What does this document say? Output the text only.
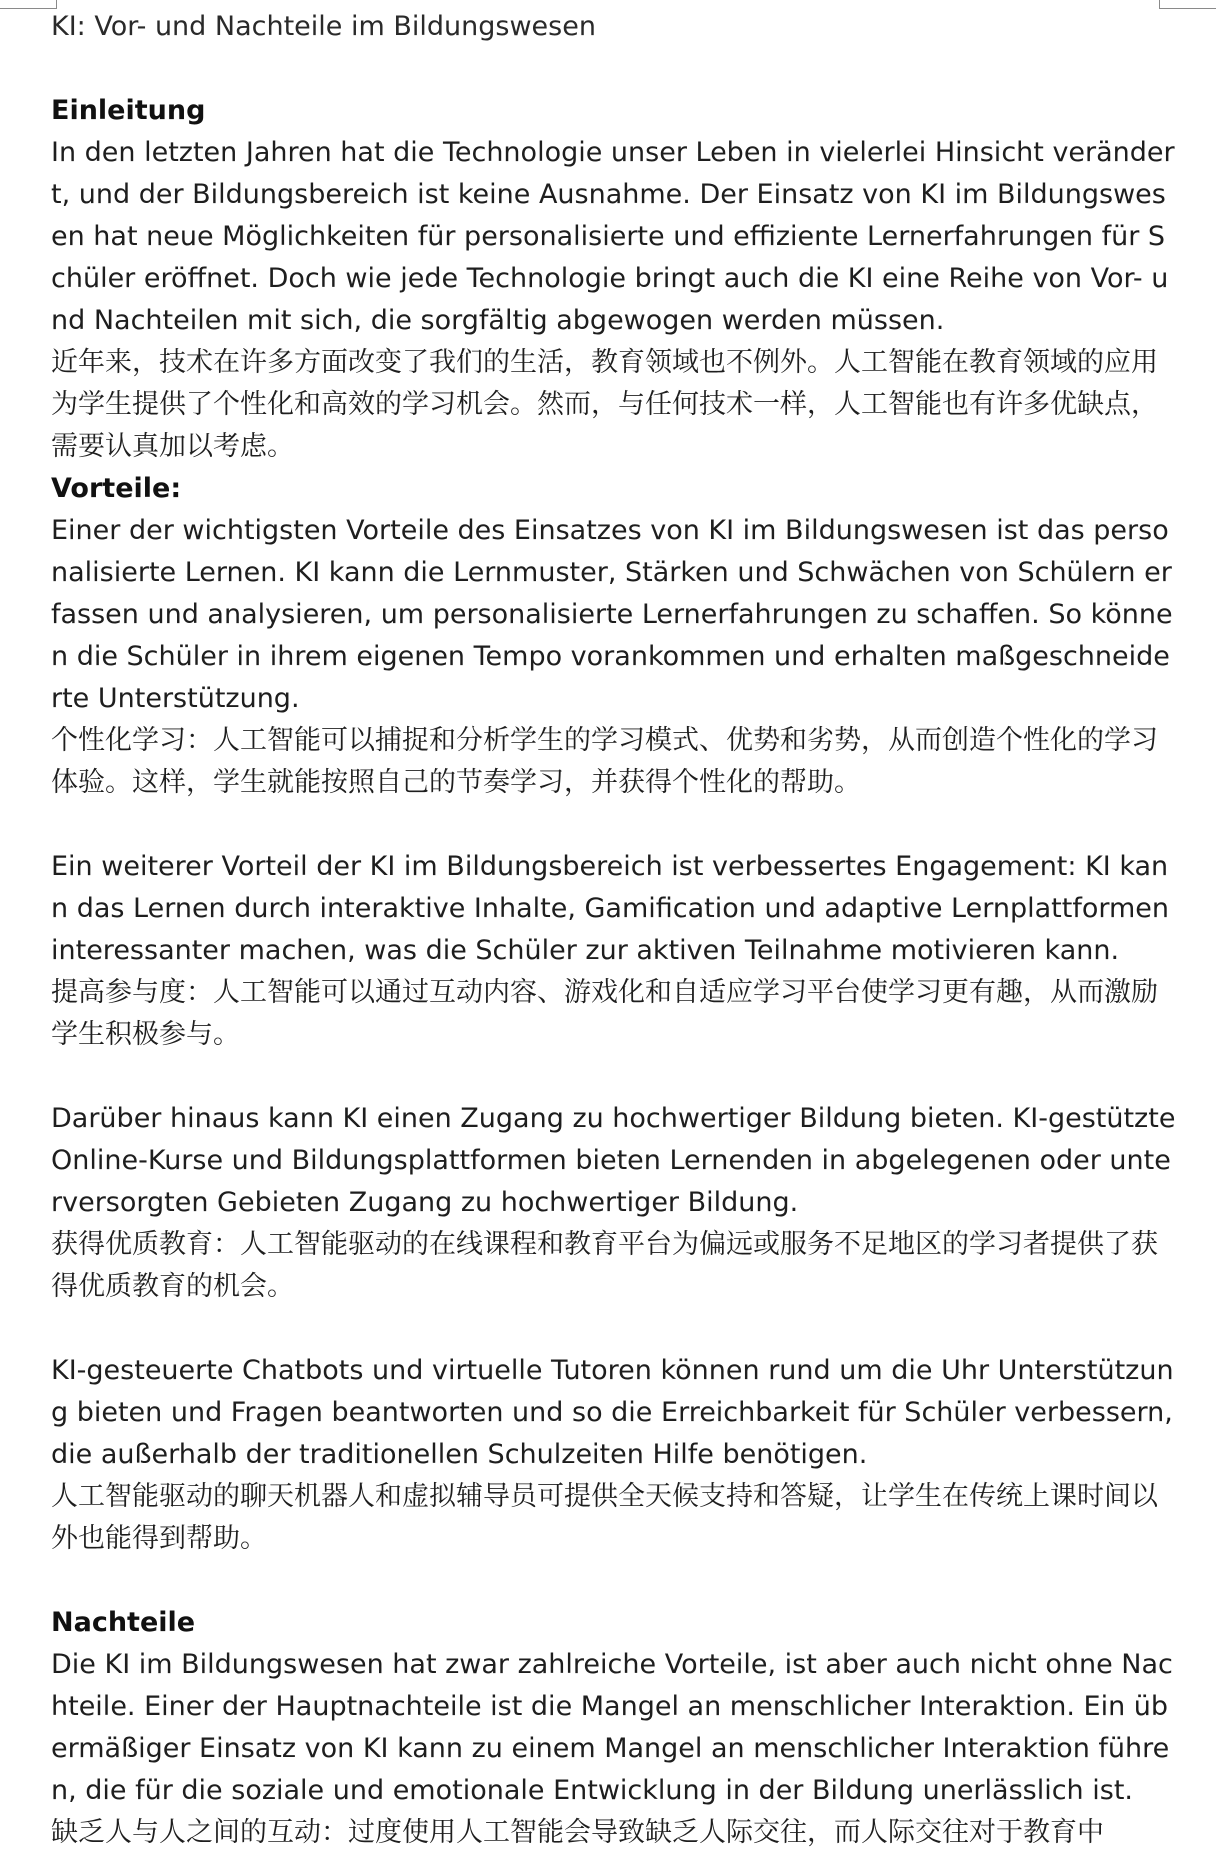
KI: Vor- und Nachteile im Bildungswesen

Einleitung

In den letzten Jahren hat die Technologie unser Leben in vielerlei Hinsicht verändert, und der Bildungsbereich ist keine Ausnahme. Der Einsatz von KI im Bildungswesen hat neue Möglichkeiten für personalisierte und effiziente Lernerfahrungen für Schüler eröffnet. Doch wie jede Technologie bringt auch die KI eine Reihe von Vor- und Nachteilen mit sich, die sorgfältig abgewogen werden müssen.

近年来，技术在许多方面改变了我们的生活，教育领域也不例外。人工智能在教育领域的应用为学生提供了个性化和高效的学习机会。然而，与任何技术一样，人工智能也有许多优缺点，需要认真加以考虑。

Vorteile:

Einer der wichtigsten Vorteile des Einsatzes von KI im Bildungswesen ist das personalisierte Lernen. KI kann die Lernmuster, Stärken und Schwächen von Schülern erfassen und analysieren, um personalisierte Lernerfahrungen zu schaffen. So können die Schüler in ihrem eigenen Tempo vorankommen und erhalten maßgeschneiderte Unterstützung.

个性化学习：人工智能可以捕捉和分析学生的学习模式、优势和劣势，从而创造个性化的学习体验。这样，学生就能按照自己的节奏学习，并获得个性化的帮助。

Ein weiterer Vorteil der KI im Bildungsbereich ist verbessertes Engagement: KI kann das Lernen durch interaktive Inhalte, Gamification und adaptive Lernplattformen interessanter machen, was die Schüler zur aktiven Teilnahme motivieren kann.

提高参与度：人工智能可以通过互动内容、游戏化和自适应学习平台使学习更有趣，从而激励学生积极参与。

Darüber hinaus kann KI einen Zugang zu hochwertiger Bildung bieten. KI-gestützte Online-Kurse und Bildungsplattformen bieten Lernenden in abgelegenen oder unterversorgten Gebieten Zugang zu hochwertiger Bildung.

获得优质教育：人工智能驱动的在线课程和教育平台为偏远或服务不足地区的学习者提供了获得优质教育的机会。

KI-gesteuerte Chatbots und virtuelle Tutoren können rund um die Uhr Unterstützung bieten und Fragen beantworten und so die Erreichbarkeit für Schüler verbessern, die außerhalb der traditionellen Schulzeiten Hilfe benötigen.

人工智能驱动的聊天机器人和虚拟辅导员可提供全天候支持和答疑，让学生在传统上课时间以外也能得到帮助。

Nachteile

Die KI im Bildungswesen hat zwar zahlreiche Vorteile, ist aber auch nicht ohne Nachteile. Einer der Hauptnachteile ist die Mangel an menschlicher Interaktion. Ein übermäßiger Einsatz von KI kann zu einem Mangel an menschlicher Interaktion führen, die für die soziale und emotionale Entwicklung in der Bildung unerlässlich ist.

缺乏人与人之间的互动：过度使用人工智能会导致缺乏人际交往，而人际交往对于教育中
